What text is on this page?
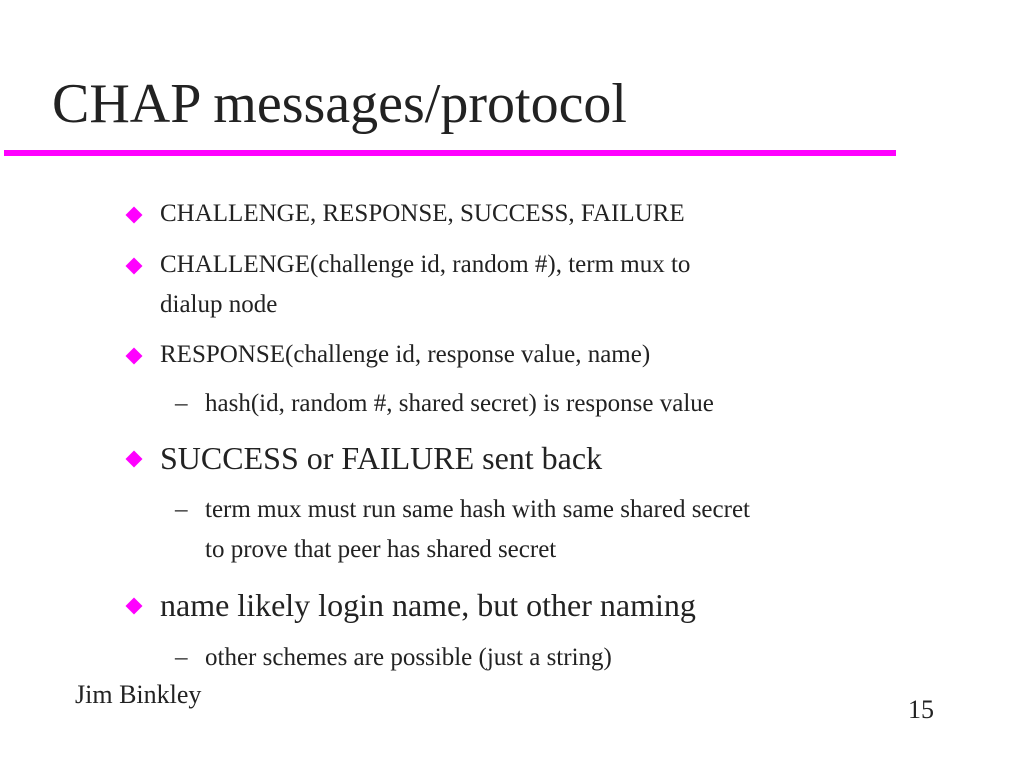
CHAP messages/protocol
CHALLENGE, RESPONSE, SUCCESS, FAILURE
CHALLENGE(challenge id, random #), term mux to
dialup node
RESPONSE(challenge id, response value, name)
– hash(id, random #, shared secret) is response value
SUCCESS or FAILURE sent back
– term mux must run same hash with same shared secret
to prove that peer has shared secret
name likely login name, but other naming
– other schemes are possible (just a string)
Jim Binkley
15
